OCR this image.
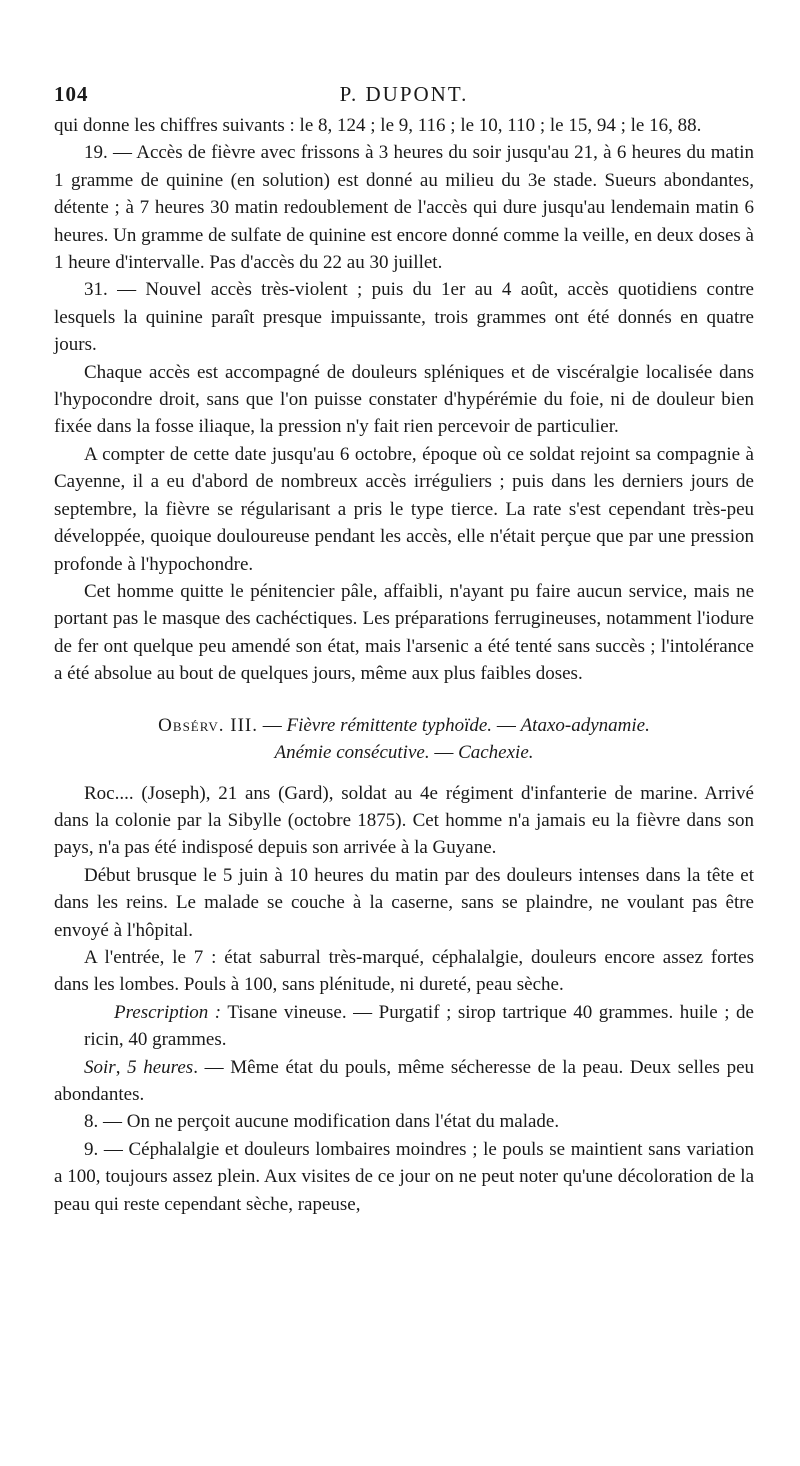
104	P. DUPONT.

qui donne les chiffres suivants : le 8, 124 ; le 9, 116 ; le 10, 110 ; le 15, 94 ; le 16, 88.

19. — Accès de fièvre avec frissons à 3 heures du soir jusqu'au 21, à 6 heures du matin 1 gramme de quinine (en solution) est donné au milieu du 3e stade. Sueurs abondantes, détente ; à 7 heures 30 matin redoublement de l'accès qui dure jusqu'au lendemain matin 6 heures. Un gramme de sulfate de quinine est encore donné comme la veille, en deux doses à 1 heure d'intervalle. Pas d'accès du 22 au 30 juillet.

31. — Nouvel accès très-violent ; puis du 1er au 4 août, accès quotidiens contre lesquels la quinine paraît presque impuissante, trois grammes ont été donnés en quatre jours.

Chaque accès est accompagné de douleurs spléniques et de viscéralgie localisée dans l'hypocondre droit, sans que l'on puisse constater d'hypérémie du foie, ni de douleur bien fixée dans la fosse iliaque, la pression n'y fait rien percevoir de particulier.

A compter de cette date jusqu'au 6 octobre, époque où ce soldat rejoint sa compagnie à Cayenne, il a eu d'abord de nombreux accès irréguliers ; puis dans les derniers jours de septembre, la fièvre se régularisant a pris le type tierce. La rate s'est cependant très-peu développée, quoique douloureuse pendant les accès, elle n'était perçue que par une pression profonde à l'hypochondre.

Cet homme quitte le pénitencier pâle, affaibli, n'ayant pu faire aucun service, mais ne portant pas le masque des cachéctiques. Les préparations ferrugineuses, notamment l'iodure de fer ont quelque peu amendé son état, mais l'arsenic a été tenté sans succès ; l'intolérance a été absolue au bout de quelques jours, même aux plus faibles doses.

Obsérv. III. — Fièvre rémittente typhoïde. — Ataxo-adynamie.
Anémie consécutive. — Cachexie.

Roc.... (Joseph), 21 ans (Gard), soldat au 4e régiment d'infanterie de marine. Arrivé dans la colonie par la Sibylle (octobre 1875). Cet homme n'a jamais eu la fièvre dans son pays, n'a pas été indisposé depuis son arrivée à la Guyane.

Début brusque le 5 juin à 10 heures du matin par des douleurs intenses dans la tête et dans les reins. Le malade se couche à la caserne, sans se plaindre, ne voulant pas être envoyé à l'hôpital.

A l'entrée, le 7 : état saburral très-marqué, céphalalgie, douleurs encore assez fortes dans les lombes. Pouls à 100, sans plénitude, ni dureté, peau sèche.

Prescription : Tisane vineuse. — Purgatif ; sirop tartrique 40 grammes. huile ; de ricin, 40 grammes.

Soir, 5 heures. — Même état du pouls, même sécheresse de la peau. Deux selles peu abondantes.

8. — On ne perçoit aucune modification dans l'état du malade.

9. — Céphalalgie et douleurs lombaires moindres ; le pouls se maintient sans variation a 100, toujours assez plein. Aux visites de ce jour on ne peut noter qu'une décoloration de la peau qui reste cependant sèche, rapeuse,
